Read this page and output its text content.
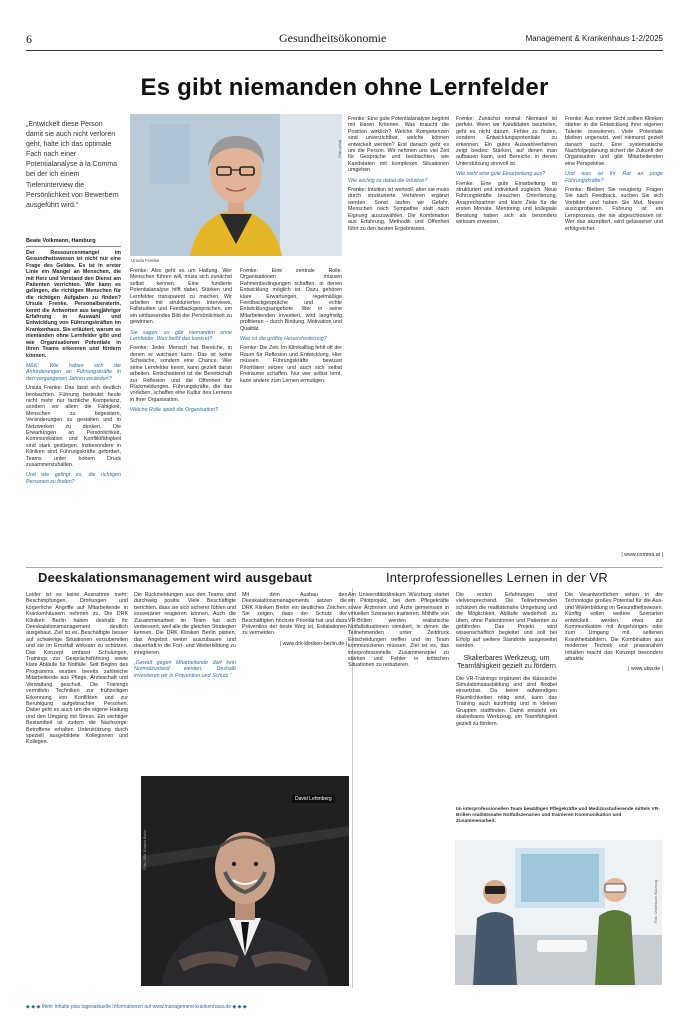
6	Gesundheitsökonomie	Management & Krankenhaus 1-2/2025
Es gibt niemanden ohne Lernfelder
„Entwickelt diese Person damit sie auch nicht verloren geht, halte ich das optimale Fach nach einer Potentialanalyse à la Comma bei der ich einem Tiefeninterview die Persönlichkeit von Bewerbern ausgeführt wird.“
Beate Volkmann, Hamburg
Foto: privat
Ursula Frenke

Der Ressourcenmangel im Gesundheitswesen ist nicht nur eine Frage des Geldes. Es ist in erster Linie ein Mangel an Menschen, die mit Herz und Verstand den Dienst am Patienten verrichten. Wie kann es gelingen, die richtigen Menschen für die richtigen Aufgaben zu finden? Ursula Frenke, Personalberaterin, kennt die Antworten aus langjähriger Erfahrung in Auswahl und Entwicklung von Führungskräften im Krankenhaus. Sie erläutert, warum es niemanden ohne Lernfelder gibt und wie Organisationen Potentiale in ihren Teams erkennen und fördern können.

M&K: Wie haben sich die Anforderungen an Führungskräfte in den vergangenen Jahren verändert?

Ursula Frenke: Das lässt sich deutlich beobachten. Führung bedeutet heute nicht mehr nur fachliche Kompetenz, sondern vor allem die Fähigkeit, Menschen zu begeistern, Veränderungen zu gestalten und in Netzwerken zu denken. Die Erwartungen an Persönlichkeit, Kommunikation und Konfliktfähigkeit sind stark gestiegen. Insbesondere in Kliniken sind Führungskräfte gefordert, Teams unter hohem Druck zusammenzuhalten.

Und wie gelingt es, die richtigen Personen zu finden?

Frenke: Also geht es um Haltung. Wer Menschen führen will, muss sich zunächst selbst kennen. Eine fundierte Potentialanalyse hilft dabei, Stärken und Lernfelder transparent zu machen. Wir arbeiten mit strukturierten Interviews, Fallstudien und Feedbackgesprächen, um ein umfassendes Bild der Persönlichkeit zu gewinnen.

Sie sagen, es gibt niemanden ohne Lernfelder. Was heißt das konkret?

Frenke: Jeder Mensch hat Bereiche, in denen er wachsen kann. Das ist keine Schwäche, sondern eine Chance. Wer seine Lernfelder kennt, kann gezielt daran arbeiten. Entscheidend ist die Bereitschaft zur Reflexion und die Offenheit für Rückmeldungen. Führungskräfte, die das vorleben, schaffen eine Kultur des Lernens in ihrer Organisation.

Welche Rolle spielt die Organisation?

Frenke: Eine zentrale Rolle. Organisationen müssen Rahmenbedingungen schaffen, in denen Entwicklung möglich ist. Dazu gehören klare Erwartungen, regelmäßige Feedbackgespräche und echte Entwicklungsangebote. Wer in seine Mitarbeitenden investiert, wird langfristig profitieren – durch Bindung, Motivation und Qualität.

Was ist die größte Herausforderung?

Frenke: Die Zeit. Im Klinikalltag fehlt oft der Raum für Reflexion und Entwicklung. Hier müssen Führungskräfte bewusst Prioritäten setzen und auch sich selbst Freiräume schaffen. Nur wer selbst lernt, kann andere zum Lernen ermutigen.

Frenke: Eine gute Potentialanalyse beginnt mit klaren Kriterien. Was braucht die Position wirklich? Welche Kompetenzen sind unverzichtbar, welche können entwickelt werden? Erst danach geht es um die Person. Wir nehmen uns viel Zeit für Gespräche und beobachten, wie Kandidaten mit komplexen Situationen umgehen.

Wie wichtig ist dabei die Intuition?

Frenke: Intuition ist wertvoll, aber sie muss durch strukturierte Verfahren ergänzt werden. Sonst laufen wir Gefahr, Menschen nach Sympathie statt nach Eignung auszuwählen. Die Kombination aus Erfahrung, Methodik und Offenheit führt zu den besten Ergebnissen.

Frenke: Zunächst einmal: Niemand ist perfekt. Wenn wir Kandidaten beurteilen, geht es nicht darum, Fehler zu finden, sondern Entwicklungspotentiale zu erkennen. Ein gutes Auswahlverfahren zeigt beides: Stärken, auf denen man aufbauen kann, und Bereiche, in denen Unterstützung sinnvoll ist.

Wie sieht eine gute Einarbeitung aus?

Frenke: Eine gute Einarbeitung ist strukturiert und individuell zugleich. Neue Führungskräfte brauchen Orientierung, Ansprechpartner und klare Ziele für die ersten Monate. Mentoring und kollegiale Beratung haben sich als besonders wirksam erwiesen.

Frenke: Aus meiner Sicht sollten Kliniken stärker in die Entwicklung ihrer eigenen Talente investieren. Viele Potentiale bleiben ungenutzt, weil niemand gezielt danach sucht. Eine systematische Nachfolgeplanung sichert die Zukunft der Organisation und gibt Mitarbeitenden eine Perspektive.

Und was ist Ihr Rat an junge Führungskräfte?

Frenke: Bleiben Sie neugierig. Fragen Sie nach Feedback, suchen Sie sich Vorbilder und haben Sie Mut, Neues auszuprobieren. Führung ist ein Lernprozess, der nie abgeschlossen ist. Wer das akzeptiert, wird gelassener und erfolgreicher.

| www.comma.at |
Deeskalationsmanagement wird ausgebaut

Leider ist es keine Ausnahme mehr: Beschimpfungen, Drohungen und körperliche Angriffe auf Mitarbeitende in Krankenhäusern nehmen zu. Die DRK Kliniken Berlin haben deshalb ihr Deeskalationsmanagement deutlich ausgebaut. Ziel ist es, Beschäftigte besser auf schwierige Situationen vorzubereiten und sie im Ernstfall wirksam zu schützen. Das Konzept umfasst Schulungen, Trainings zur Gesprächsführung sowie klare Abläufe für Notfälle. Seit Beginn des Programms wurden bereits zahlreiche Mitarbeitende aus Pflege, Ärzteschaft und Verwaltung geschult. Die Trainings vermitteln Techniken zur frühzeitigen Erkennung von Konflikten und zur Beruhigung aufgebrachter Personen. Dabei geht es auch um die eigene Haltung und den Umgang mit Stress. Ein wichtiger Bestandteil ist zudem die Nachsorge: Betroffene erhalten Unterstützung durch speziell ausgebildete Kolleginnen und Kollegen.

Die Rückmeldungen aus den Teams sind durchweg positiv. Viele Beschäftigte berichten, dass sie sich sicherer fühlen und souveräner reagieren können. Auch die Zusammenarbeit im Team hat sich verbessert, weil alle die gleichen Strategien kennen. Die DRK Kliniken Berlin planen, das Angebot weiter auszubauen und dauerhaft in die Fort- und Weiterbildung zu integrieren.

„Gewalt gegen Mitarbeitende darf kein Normalzustand werden. Deshalb investieren wir in Prävention und Schutz.“

Mit dem Ausbau des Deeskalationsmanagements setzen die DRK Kliniken Berlin ein deutliches Zeichen. Sie zeigen, dass der Schutz der Beschäftigten höchste Priorität hat und dass Prävention der beste Weg ist, Eskalationen zu vermeiden.

| www.drk-kliniken-berlin.de |

Foto: DRK Kliniken Berlin
David Lehmberg
Interprofessionelles Lernen in der VR

Am Universitätsklinikum Würzburg startet ein Pilotprojekt, bei dem Pflegekräfte sowie Ärztinnen und Ärzte gemeinsam in virtuellen Szenarien trainieren. Mithilfe von VR-Brillen werden realistische Notfallsituationen simuliert, in denen die Teilnehmenden unter Zeitdruck Entscheidungen treffen und im Team kommunizieren müssen. Ziel ist es, das interprofessionelle Zusammenspiel zu stärken und Fehler in kritischen Situationen zu reduzieren.

Die ersten Erfahrungen sind vielversprechend. Die Teilnehmenden schätzen die realitätsnahe Umgebung und die Möglichkeit, Abläufe wiederholt zu üben, ohne Patientinnen und Patienten zu gefährden. Das Projekt wird wissenschaftlich begleitet und soll bei Erfolg auf weitere Standorte ausgeweitet werden.

Skalierbares Werkzeug, um Teamfähigkeit gezielt zu fördern

Die VR-Trainings ergänzen die klassische Simulationsausbildung und sind flexibel einsetzbar. Da keine aufwendigen Räumlichkeiten nötig sind, kann das Training auch kurzfristig und in kleinen Gruppen stattfinden. Damit entsteht ein skalierbares Werkzeug, um Teamfähigkeit gezielt zu fördern.

Die Verantwortlichen sehen in der Technologie großes Potential für die Aus- und Weiterbildung im Gesundheitswesen. Künftig sollen weitere Szenarien entwickelt werden, etwa zur Kommunikation mit Angehörigen oder zum Umgang mit seltenen Krankheitsbildern. Die Kombination aus moderner Technik und praxisnahen Inhalten macht das Konzept besonders attraktiv.

| www.ukw.de |

Im interprofessionellen Team bewältigen Pflegekräfte und Medizinstudierende mittels VR-Brillen realitätsnahe Notfallszenarien und trainieren Kommunikation und Zusammenarbeit.
Foto: Uniklinikum Würzburg
◆ ◆ ◆ Mehr Inhalte plus tagesaktuelle Informationen auf www.management-krankenhaus.de ◆ ◆ ◆
